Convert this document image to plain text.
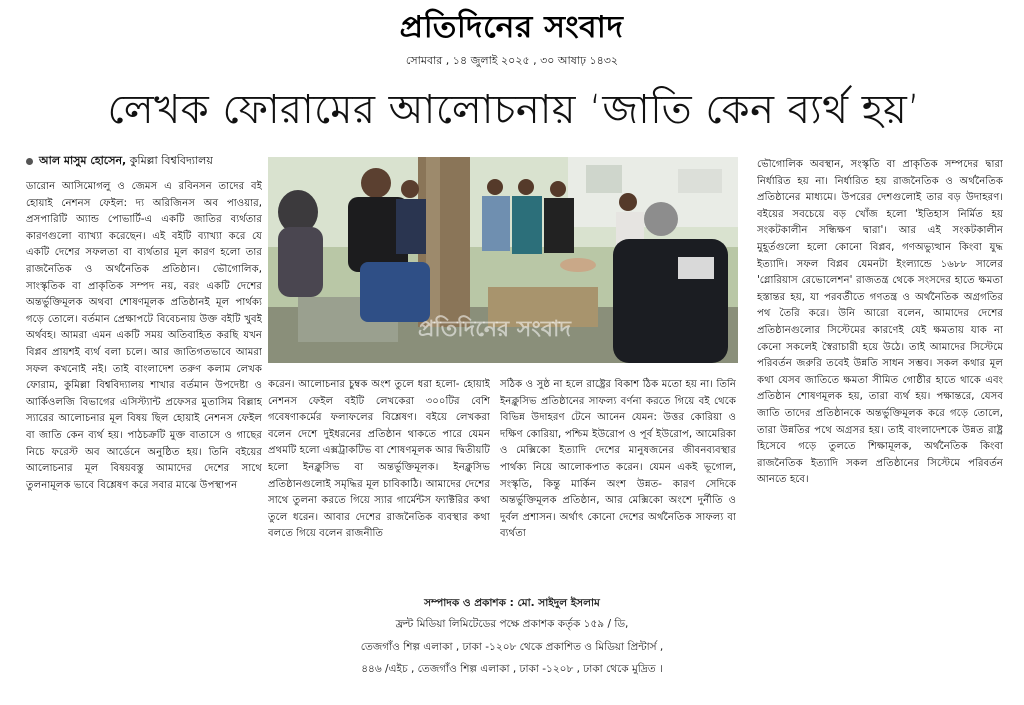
প্রতিদিনের সংবাদ
সোমবার , ১৪ জুলাই ২০২৫ , ৩০ আষাঢ় ১৪৩২
লেখক ফোরামের আলোচনায় ‘জাতি কেন ব্যর্থ হয়’
আল মাসুম হোসেন, কুমিল্লা বিশ্ববিদ্যালয়

ডারোন আসিমোগলু ও জেমস এ রবিনসন তাদের বই হোয়াই নেশনস ফেইল: দ্য অরিজিনস অব পাওয়ার, প্রসপারিটি অ্যান্ড পোভার্টি-এ একটি জাতির ব্যর্থতার কারণগুলো ব্যাখ্যা করেছেন। এই বইটি ব্যাখ্যা করে যে একটি দেশের সফলতা বা ব্যর্থতার মূল কারণ হলো তার রাজনৈতিক ও অর্থনৈতিক প্রতিষ্ঠান। ভৌগোলিক, সাংস্কৃতিক বা প্রাকৃতিক সম্পদ নয়, বরং একটি দেশের অন্তর্ভুক্তিমূলক অথবা শোষণমূলক প্রতিষ্ঠানই মূল পার্থক্য গড়ে তোলে। বর্তমান প্রেক্ষাপটে বিবেচনায় উক্ত বইটি খুবই অর্থবহ। আমরা এমন একটি সময় অতিবাহিত করছি যখন বিপ্লব প্রায়শই ব্যর্থ বলা চলে। আর জাতিগতভাবে আমরা সফল কখনোই নই। তাই বাংলাদেশ তরুণ কলাম লেখক ফোরাম, কুমিল্লা বিশ্ববিদ্যালয় শাখার বর্তমান উপদেষ্টা ও আর্কিওলজি বিভাগের এসিস্ট্যান্ট প্রফেসর মুতাসিম বিল্লাহ স্যারের আলোচনার মূল বিষয় ছিল হোয়াই নেশনস ফেইল বা জাতি কেন ব্যর্থ হয়। পাঠচক্রটি মুক্ত বাতাসে ও গাছের নিচে ফরেস্ট অব আর্ডেনে অনুষ্ঠিত হয়। তিনি বইয়ের আলোচনার মূল বিষয়বস্তু আমাদের দেশের সাথে তুলনামূলক ভাবে বিশ্লেষণ করে সবার মাঝে উপস্থাপন

প্রতিদিনের সংবাদ

করেন। আলোচনার চুম্বক অংশ তুলে ধরা হলো- হোয়াই নেশনস ফেইল বইটি লেখকেরা ৩০০টির বেশি গবেষণাকর্মের ফলাফলের বিশ্লেষণ। বইয়ে লেখকরা বলেন দেশে দুইধরনের প্রতিষ্ঠান থাকতে পারে যেমন প্রথমটি হলো এক্সট্রাকটিভ বা শোষণমূলক আর দ্বিতীয়টি হলো ইনক্লুসিভ বা অন্তর্ভুক্তিমূলক। ইনক্লুসিভ প্রতিষ্ঠানগুলোই সমৃদ্ধির মূল চাবিকাঠি। আমাদের দেশের সাথে তুলনা করতে গিয়ে স্যার গার্মেন্টস ফ্যাক্টরির কথা তুলে ধরেন। আবার দেশের রাজনৈতিক ব্যবস্থার কথা বলতে গিয়ে বলেন রাজনীতি

সঠিক ও সুষ্ঠ না হলে রাষ্ট্রের বিকাশ ঠিক মতো হয় না। তিনি ইনক্লুসিভ প্রতিষ্ঠানের সাফল্য বর্ণনা করতে গিয়ে বই থেকে বিভিন্ন উদাহরণ টেনে আনেন যেমন: উত্তর কোরিয়া ও দক্ষিণ কোরিয়া, পশ্চিম ইউরোপ ও পূর্ব ইউরোপ, আমেরিকা ও মেক্সিকো ইত্যাদি দেশের মানুষজনের জীবনব্যবস্থার পার্থক্য নিয়ে আলোকপাত করেন। যেমন একই ভূগোল, সংস্কৃতি, কিন্তু মার্কিন অংশ উন্নত- কারণ সেদিকে অন্তর্ভুক্তিমূলক প্রতিষ্ঠান, আর মেক্সিকো অংশে দুর্নীতি ও দুর্বল প্রশাসন। অর্থাৎ কোনো দেশের অর্থনৈতিক সাফল্য বা ব্যর্থতা

ভৌগোলিক অবস্থান, সংস্কৃতি বা প্রাকৃতিক সম্পদের দ্বারা নির্ধারিত হয় না। নির্ধারিত হয় রাজনৈতিক ও অর্থনৈতিক প্রতিষ্ঠানের মাধ্যমে। উপরের দেশগুলোই তার বড় উদাহরণ। বইয়ের সবচেয়ে বড় খোঁজ হলো 'ইতিহাস নির্মিত হয় সংকটকালীন সন্ধিক্ষণ দ্বারা'। আর এই সংকটকালীন মুহূর্তগুলো হলো কোনো বিপ্লব, গণঅভ্যুত্থান কিংবা যুদ্ধ ইত্যাদি। সফল বিপ্লব যেমনটা ইংল্যান্ডে ১৬৮৮ সালের 'গ্লোরিয়াস রেভোলেশন' রাজতন্ত্র থেকে সংসদের হাতে ক্ষমতা হস্তান্তর হয়, যা পরবর্তীতে গণতন্ত্র ও অর্থনৈতিক অগ্রগতির পথ তৈরি করে। উনি আরো বলেন, আমাদের দেশের প্রতিষ্ঠানগুলোর সিস্টেমের কারণেই যেই ক্ষমতায় যাক না কেনো সকলেই স্বৈরাচারী হয়ে উঠে। তাই আমাদের সিস্টেমে পরিবর্তন জরুরি তবেই উন্নতি সাধন সম্ভব। সকল কথার মূল কথা যেসব জাতিতে ক্ষমতা সীমিত গোষ্ঠীর হাতে থাকে এবং প্রতিষ্ঠান শোষণমূলক হয়, তারা ব্যর্থ হয়। পক্ষান্তরে, যেসব জাতি তাদের প্রতিষ্ঠানকে অন্তর্ভুক্তিমূলক করে গড়ে তোলে, তারা উন্নতির পথে অগ্রসর হয়। তাই বাংলাদেশকে উন্নত রাষ্ট্র হিসেবে গড়ে তুলতে শিক্ষামূলক, অর্থনৈতিক কিংবা রাজনৈতিক ইত্যাদি সকল প্রতিষ্ঠানের সিস্টেমে পরিবর্তন আনতে হবে।

সম্পাদক ও প্রকাশক : মো. সাইদুল ইসলাম
ফ্রন্ট মিডিয়া লিমিটেডের পক্ষে প্রকাশক কর্তৃক ১৫৯ / ডি,
তেজগাঁও শিল্প এলাকা , ঢাকা -১২০৮ থেকে প্রকাশিত ও মিডিয়া প্রিন্টার্স ,
৪৪৬ /এইচ , তেজগাঁও শিল্প এলাকা , ঢাকা -১২০৮ , ঢাকা থেকে মুদ্রিত ।
